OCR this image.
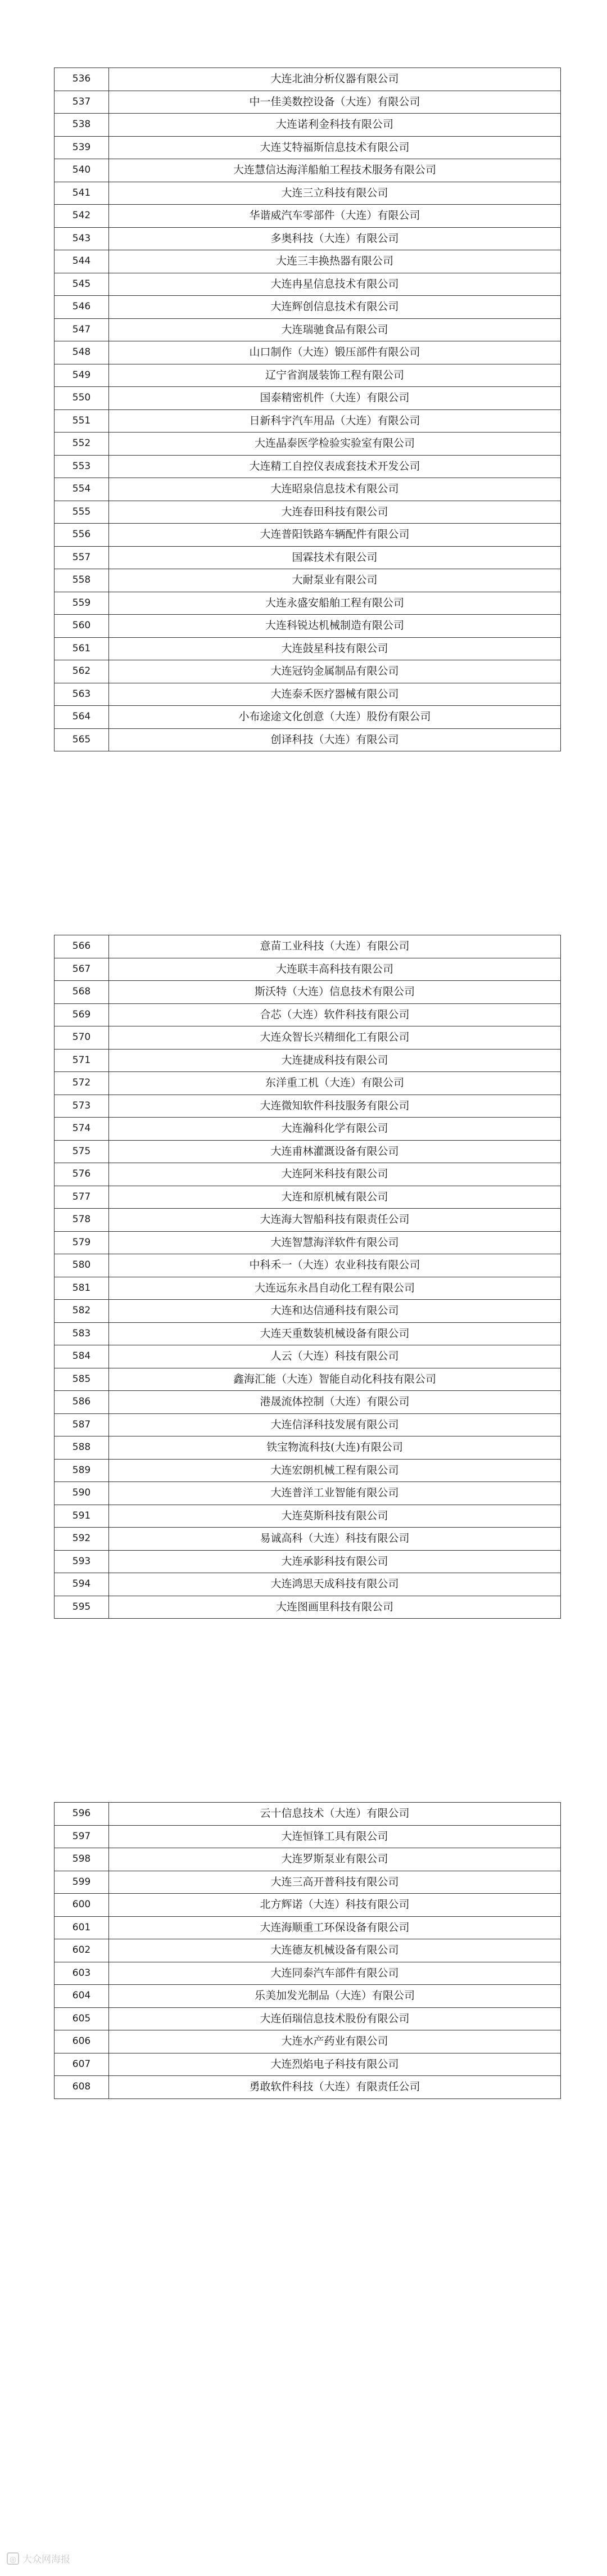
536	大连北油分析仪器有限公司
537	中一佳美数控设备（大连）有限公司
538	大连诺利金科技有限公司
539	大连艾特福斯信息技术有限公司
540	大连慧信达海洋船舶工程技术服务有限公司
541	大连三立科技有限公司
542	华谐威汽车零部件（大连）有限公司
543	多奥科技（大连）有限公司
544	大连三丰换热器有限公司
545	大连冉星信息技术有限公司
546	大连辉创信息技术有限公司
547	大连瑞驰食品有限公司
548	山口制作（大连）锻压部件有限公司
549	辽宁省润晟装饰工程有限公司
550	国泰精密机件（大连）有限公司
551	日新科宇汽车用品（大连）有限公司
552	大连晶泰医学检验实验室有限公司
553	大连精工自控仪表成套技术开发公司
554	大连昭泉信息技术有限公司
555	大连春田科技有限公司
556	大连普阳铁路车辆配件有限公司
557	国霖技术有限公司
558	大耐泵业有限公司
559	大连永盛安船舶工程有限公司
560	大连科锐达机械制造有限公司
561	大连鼓星科技有限公司
562	大连冠钧金属制品有限公司
563	大连泰禾医疗器械有限公司
564	小布途途文化创意（大连）股份有限公司
565	创译科技（大连）有限公司
566	意苗工业科技（大连）有限公司
567	大连联丰高科技有限公司
568	斯沃特（大连）信息技术有限公司
569	合芯（大连）软件科技有限公司
570	大连众智长兴精细化工有限公司
571	大连捷成科技有限公司
572	东洋重工机（大连）有限公司
573	大连微知软件科技服务有限公司
574	大连瀚科化学有限公司
575	大连甫林灌溉设备有限公司
576	大连阿米科技有限公司
577	大连和原机械有限公司
578	大连海大智船科技有限责任公司
579	大连智慧海洋软件有限公司
580	中科禾一（大连）农业科技有限公司
581	大连远东永昌自动化工程有限公司
582	大连和达信通科技有限公司
583	大连天重数装机械设备有限公司
584	人云（大连）科技有限公司
585	鑫海汇能（大连）智能自动化科技有限公司
586	港晟流体控制（大连）有限公司
587	大连信泽科技发展有限公司
588	铁宝物流科技(大连)有限公司
589	大连宏朗机械工程有限公司
590	大连普洋工业智能有限公司
591	大连莫斯科技有限公司
592	易诚高科（大连）科技有限公司
593	大连承影科技有限公司
594	大连鸿思天成科技有限公司
595	大连图画里科技有限公司
596	云十信息技术（大连）有限公司
597	大连恒锋工具有限公司
598	大连罗斯泵业有限公司
599	大连三高开普科技有限公司
600	北方辉诺（大连）科技有限公司
601	大连海顺重工环保设备有限公司
602	大连德友机械设备有限公司
603	大连同泰汽车部件有限公司
604	乐美加发光制品（大连）有限公司
605	大连佰瑞信息技术股份有限公司
606	大连水产药业有限公司
607	大连烈焰电子科技有限公司
608	勇敢软件科技（大连）有限责任公司
◎ 大众网海报
